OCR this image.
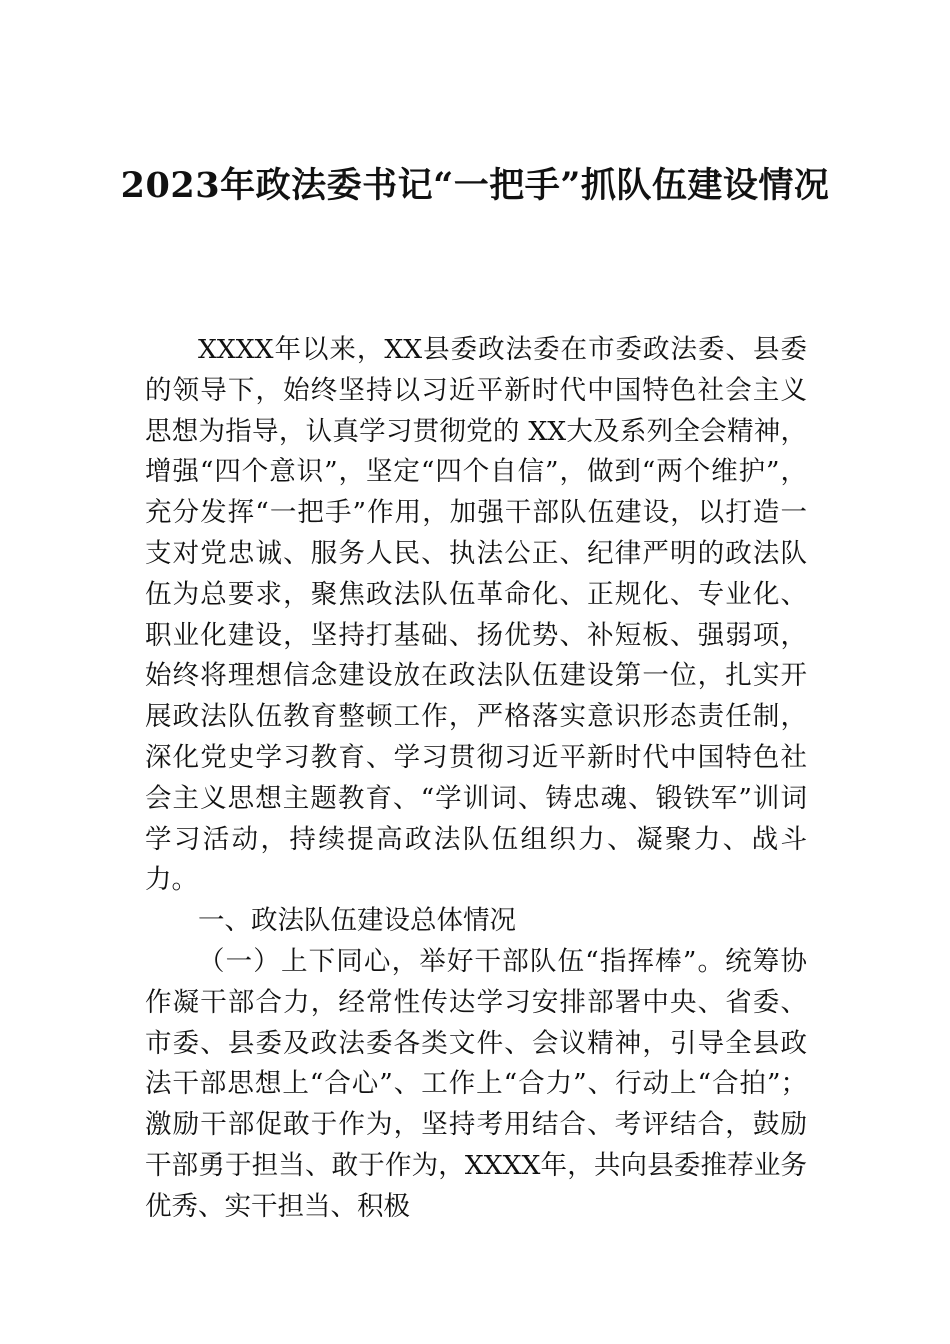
2023年政法委书记“一把手”抓队伍建设情况

XXXX年以来，XX县委政法委在市委政法委、县委的领导下，始终坚持以习近平新时代中国特色社会主义思想为指导，认真学习贯彻党的 XX大及系列全会精神，增强“四个意识”，坚定“四个自信”，做到“两个维护”，充分发挥“一把手”作用，加强干部队伍建设，以打造一支对党忠诚、服务人民、执法公正、纪律严明的政法队伍为总要求，聚焦政法队伍革命化、正规化、专业化、职业化建设，坚持打基础、扬优势、补短板、强弱项，始终将理想信念建设放在政法队伍建设第一位，扎实开展政法队伍教育整顿工作，严格落实意识形态责任制，深化党史学习教育、学习贯彻习近平新时代中国特色社会主义思想主题教育、“学训词、铸忠魂、锻铁军”训词学习活动，持续提高政法队伍组织力、凝聚力、战斗力。

一、政法队伍建设总体情况

（一）上下同心，举好干部队伍“指挥棒”。统筹协作凝干部合力，经常性传达学习安排部署中央、省委、市委、县委及政法委各类文件、会议精神，引导全县政法干部思想上“合心”、工作上“合力”、行动上“合拍”；激励干部促敢于作为，坚持考用结合、考评结合，鼓励干部勇于担当、敢于作为，XXXX年，共向县委推荐业务优秀、实干担当、积极
